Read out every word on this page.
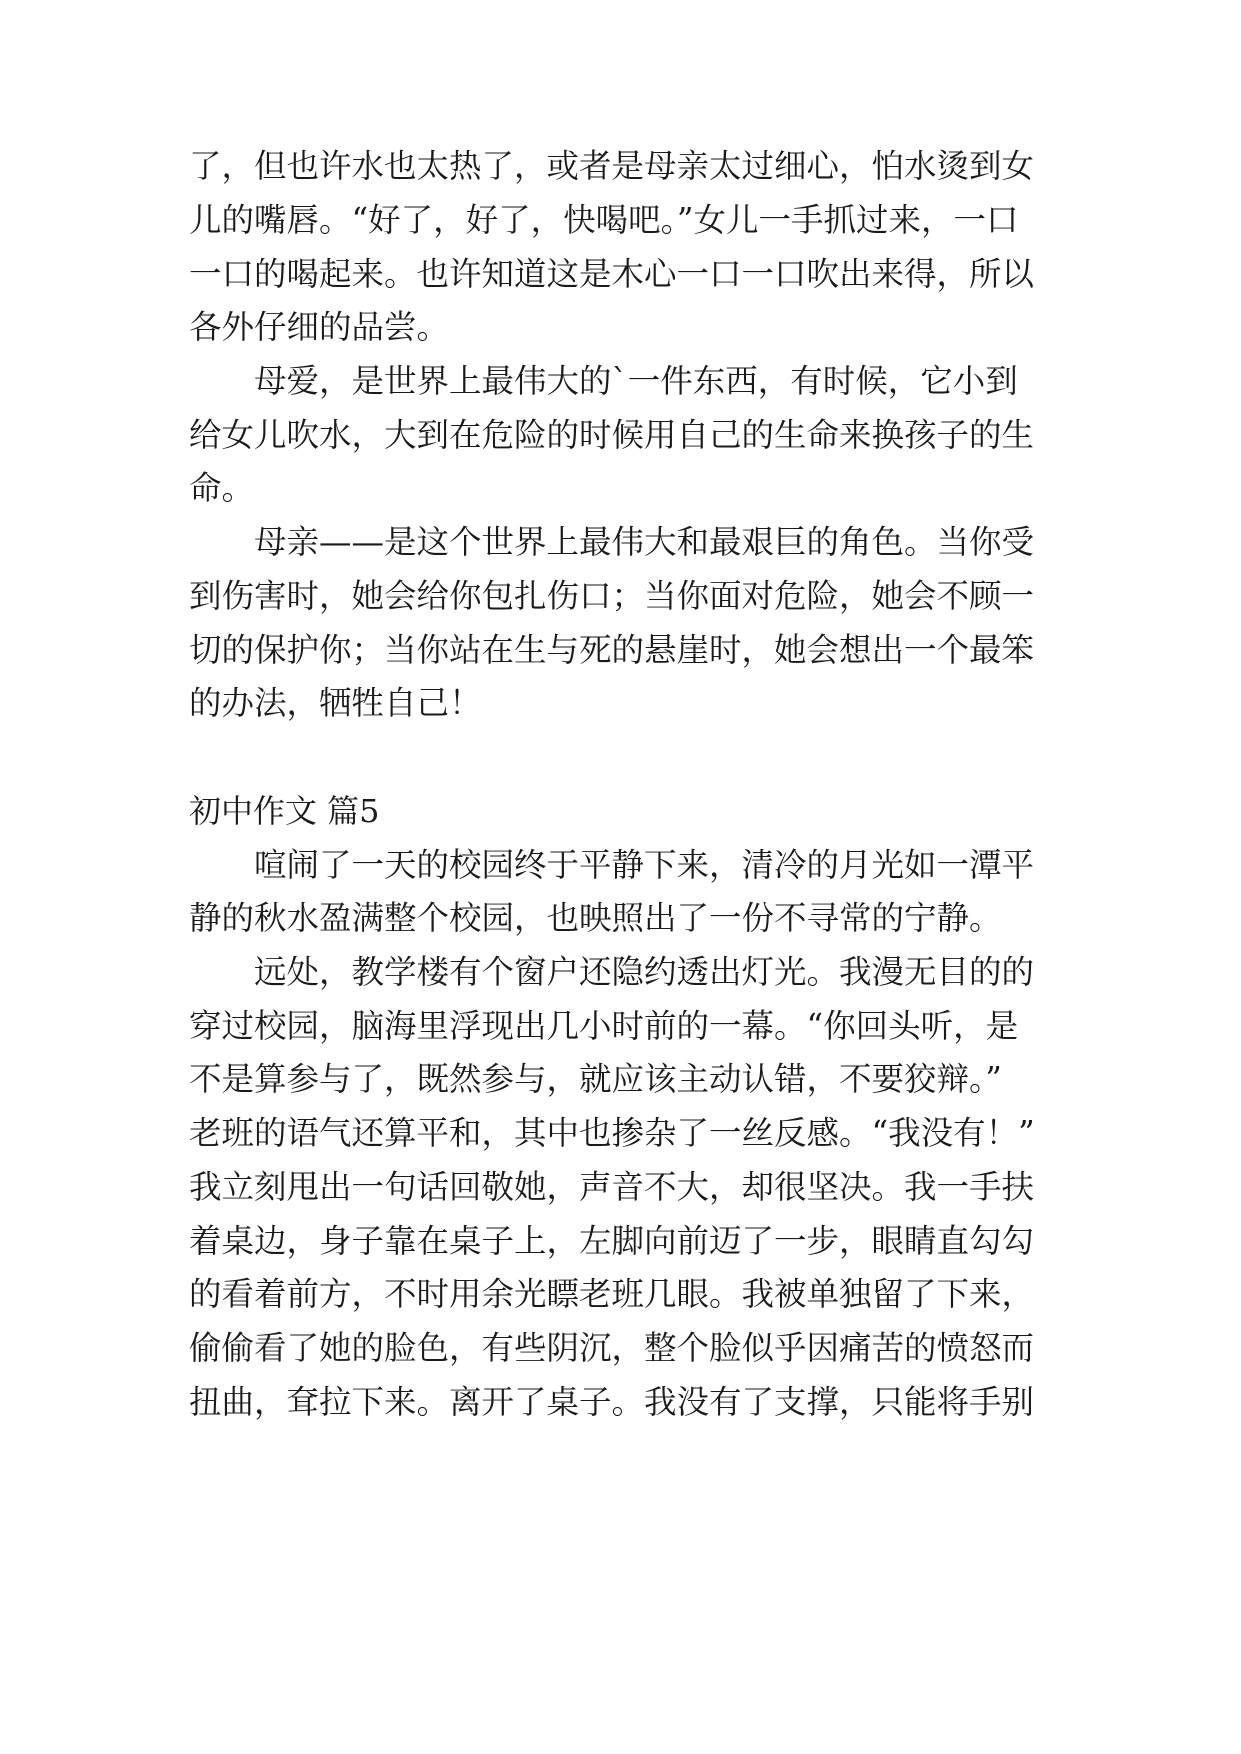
了，但也许水也太热了，或者是母亲太过细心，怕水烫到女
儿的嘴唇。“好了，好了，快喝吧。”女儿一手抓过来，一口
一口的喝起来。也许知道这是木心一口一口吹出来得，所以
各外仔细的品尝。
母爱，是世界上最伟大的`一件东西，有时候，它小到
给女儿吹水，大到在危险的时候用自己的生命来换孩子的生
命。
母亲——是这个世界上最伟大和最艰巨的角色。当你受
到伤害时，她会给你包扎伤口；当你面对危险，她会不顾一
切的保护你；当你站在生与死的悬崖时，她会想出一个最笨
的办法，牺牲自己！
初中作文 篇5
喧闹了一天的校园终于平静下来，清冷的月光如一潭平
静的秋水盈满整个校园，也映照出了一份不寻常的宁静。
远处，教学楼有个窗户还隐约透出灯光。我漫无目的的
穿过校园，脑海里浮现出几小时前的一幕。“你回头听，是
不是算参与了，既然参与，就应该主动认错，不要狡辩。”
老班的语气还算平和，其中也掺杂了一丝反感。“我没有！”
我立刻甩出一句话回敬她，声音不大，却很坚决。我一手扶
着桌边，身子靠在桌子上，左脚向前迈了一步，眼睛直勾勾
的看着前方，不时用余光瞟老班几眼。我被单独留了下来，
偷偷看了她的脸色，有些阴沉，整个脸似乎因痛苦的愤怒而
扭曲，耷拉下来。离开了桌子。我没有了支撑，只能将手别
